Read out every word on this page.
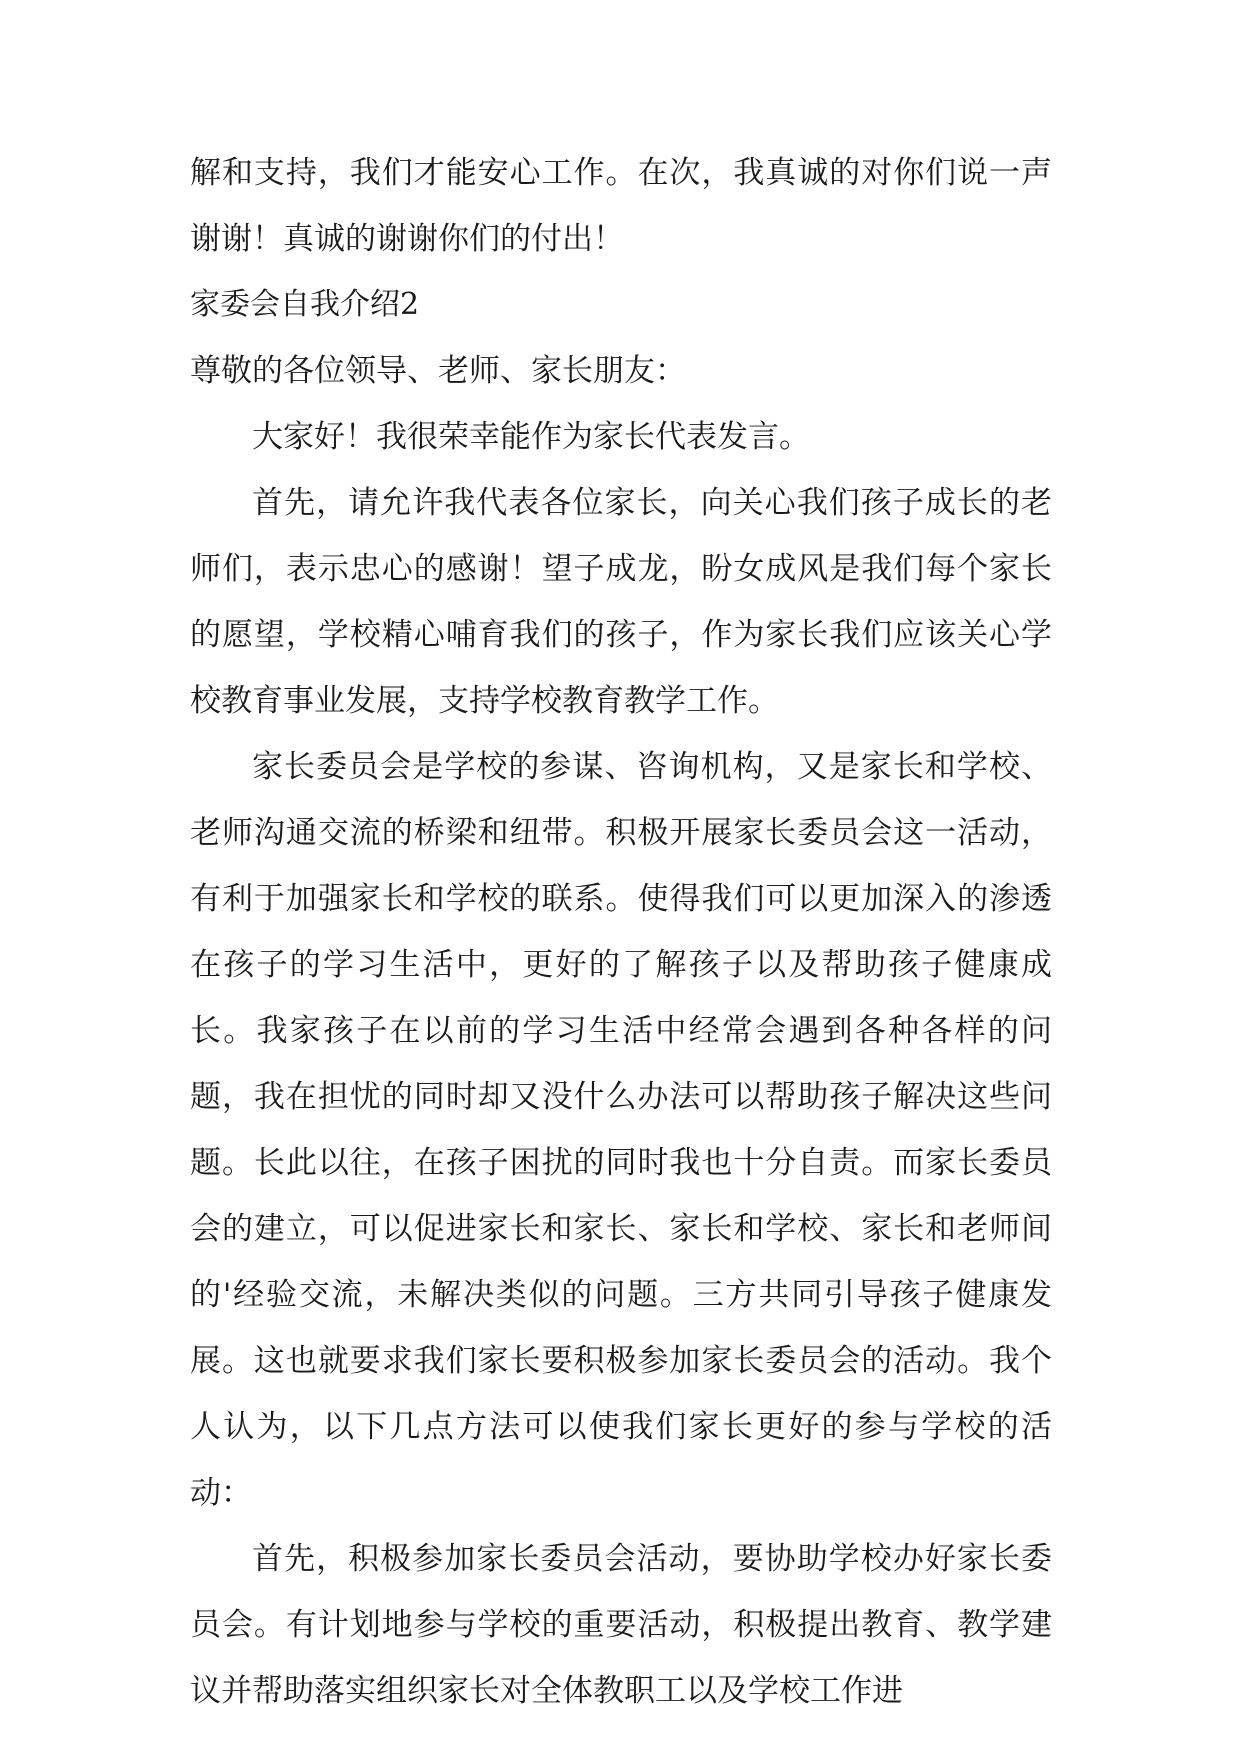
解和支持，我们才能安心工作。在次，我真诚的对你们说一声谢谢！真诚的谢谢你们的付出！

家委会自我介绍2

尊敬的各位领导、老师、家长朋友：

大家好！我很荣幸能作为家长代表发言。

首先，请允许我代表各位家长，向关心我们孩子成长的老师们，表示忠心的感谢！望子成龙，盼女成风是我们每个家长的愿望，学校精心哺育我们的孩子，作为家长我们应该关心学校教育事业发展，支持学校教育教学工作。

家长委员会是学校的参谋、咨询机构，又是家长和学校、老师沟通交流的桥梁和纽带。积极开展家长委员会这一活动，有利于加强家长和学校的联系。使得我们可以更加深入的渗透在孩子的学习生活中，更好的了解孩子以及帮助孩子健康成长。我家孩子在以前的学习生活中经常会遇到各种各样的问题，我在担忧的同时却又没什么办法可以帮助孩子解决这些问题。长此以往，在孩子困扰的同时我也十分自责。而家长委员会的建立，可以促进家长和家长、家长和学校、家长和老师间的'经验交流，未解决类似的问题。三方共同引导孩子健康发展。这也就要求我们家长要积极参加家长委员会的活动。我个人认为，以下几点方法可以使我们家长更好的参与学校的活动：

首先，积极参加家长委员会活动，要协助学校办好家长委员会。有计划地参与学校的重要活动，积极提出教育、教学建议并帮助落实组织家长对全体教职工以及学校工作进
